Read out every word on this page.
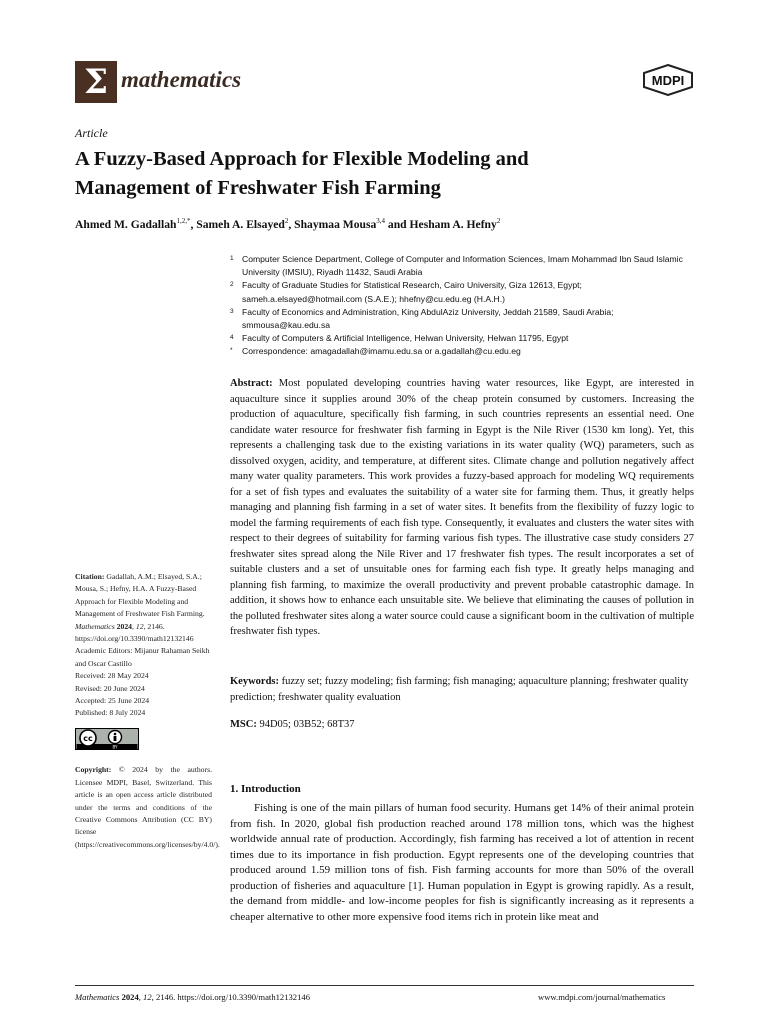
Σ mathematics	MDPI
Article
A Fuzzy-Based Approach for Flexible Modeling and Management of Freshwater Fish Farming
Ahmed M. Gadallah$^{1,2,*}$, Sameh A. Elsayed$^2$, Shaymaa Mousa$^{3,4}$ and Hesham A. Hefny$^2$
1 Computer Science Department, College of Computer and Information Sciences, Imam Mohammad Ibn Saud Islamic University (IMSIU), Riyadh 11432, Saudi Arabia
2 Faculty of Graduate Studies for Statistical Research, Cairo University, Giza 12613, Egypt; sameh.a.elsayed@hotmail.com (S.A.E.); hhefny@cu.edu.eg (H.A.H.)
3 Faculty of Economics and Administration, King AbdulAziz University, Jeddah 21589, Saudi Arabia; smmousa@kau.edu.sa
4 Faculty of Computers & Artificial Intelligence, Helwan University, Helwan 11795, Egypt
* Correspondence: amagadallah@imamu.edu.sa or a.gadallah@cu.edu.eg
Abstract: Most populated developing countries having water resources, like Egypt, are interested in aquaculture since it supplies around 30% of the cheap protein consumed by customers. Increasing the production of aquaculture, specifically fish farming, in such countries represents an essential need. One candidate water resource for freshwater fish farming in Egypt is the Nile River (1530 km long). Yet, this represents a challenging task due to the existing variations in its water quality (WQ) parameters, such as dissolved oxygen, acidity, and temperature, at different sites. Climate change and pollution negatively affect many water quality parameters. This work provides a fuzzy-based approach for modeling WQ requirements for a set of fish types and evaluates the suitability of a water site for farming them. Thus, it greatly helps managing and planning fish farming in a set of water sites. It benefits from the flexibility of fuzzy logic to model the farming requirements of each fish type. Consequently, it evaluates and clusters the water sites with respect to their degrees of suitability for farming various fish types. The illustrative case study considers 27 freshwater sites spread along the Nile River and 17 freshwater fish types. The result incorporates a set of suitable clusters and a set of unsuitable ones for farming each fish type. It greatly helps managing and planning fish farming, to maximize the overall productivity and prevent probable catastrophic damage. In addition, it shows how to enhance each unsuitable site. We believe that eliminating the causes of pollution in the polluted freshwater sites along a water source could cause a significant boom in the cultivation of multiple freshwater fish types.
Keywords: fuzzy set; fuzzy modeling; fish farming; fish managing; aquaculture planning; freshwater quality prediction; freshwater quality evaluation
MSC: 94D05; 03B52; 68T37
1. Introduction
Fishing is one of the main pillars of human food security. Humans get 14% of their animal protein from fish. In 2020, global fish production reached around 178 million tons, which was the highest worldwide annual rate of production. Accordingly, fish farming has received a lot of attention in recent times due to its importance in fish production. Egypt represents one of the developing countries that produced around 1.59 million tons of fish. Fish farming accounts for more than 50% of the overall production of fisheries and aquaculture [1]. Human population in Egypt is growing rapidly. As a result, the demand from middle- and low-income peoples for fish is significantly increasing as it represents a cheaper alternative to other more expensive food items rich in protein like meat and

Citation: Gadallah, A.M.; Elsayed, S.A.; Mousa, S.; Hefny, H.A. A Fuzzy-Based Approach for Flexible Modeling and Management of Freshwater Fish Farming. Mathematics 2024, 12, 2146. https://doi.org/10.3390/math12132146

Academic Editors: Mijanur Rahaman Seikh and Oscar Castillo

Received: 28 May 2024

Revised: 20 June 2024

Accepted: 25 June 2024

Published: 8 July 2024

cc
BY

Copyright: © 2024 by the authors. Licensee MDPI, Basel, Switzerland. This article is an open access article distributed under the terms and conditions of the Creative Commons Attribution (CC BY) license (https://creativecommons.org/licenses/by/4.0/).

Mathematics 2024, 12, 2146. https://doi.org/10.3390/math12132146	www.mdpi.com/journal/mathematics
